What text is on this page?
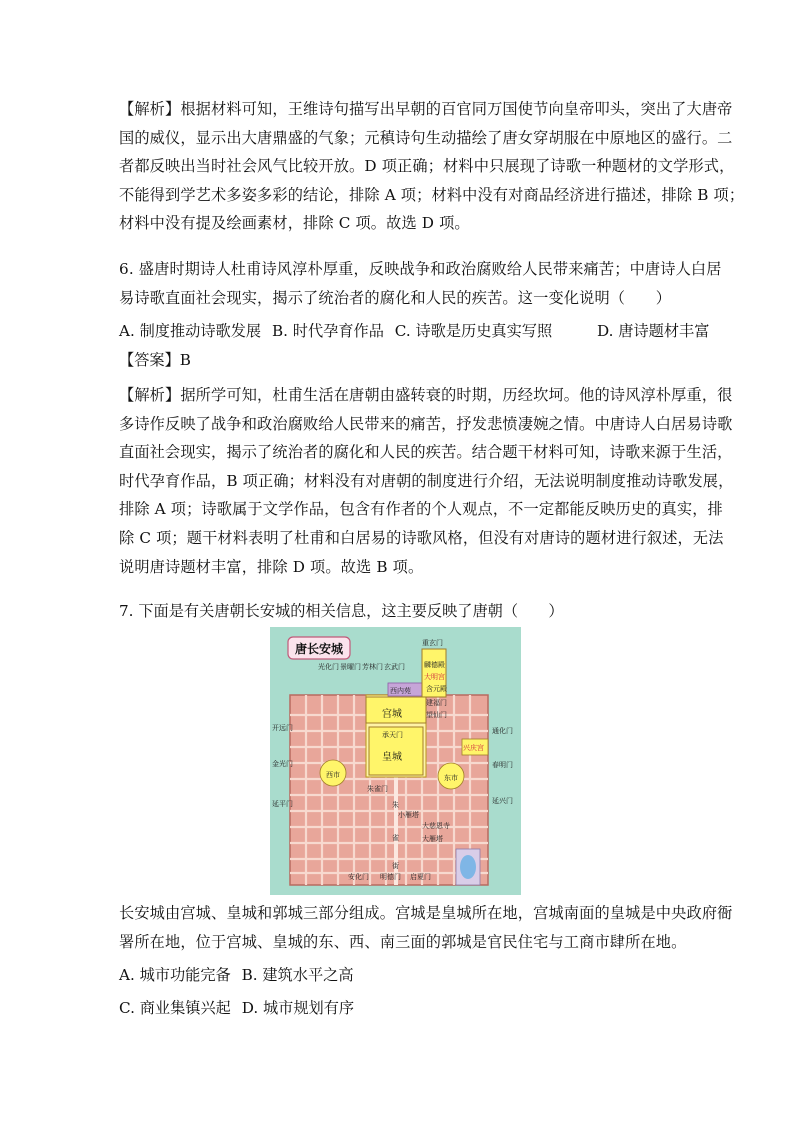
【解析】根据材料可知，王维诗句描写出早朝的百官同万国使节向皇帝叩头，突出了大唐帝
国的威仪，显示出大唐鼎盛的气象；元稹诗句生动描绘了唐女穿胡服在中原地区的盛行。二
者都反映出当时社会风气比较开放。D 项正确；材料中只展现了诗歌一种题材的文学形式，
不能得到学艺术多姿多彩的结论，排除 A 项；材料中没有对商品经济进行描述，排除 B 项；
材料中没有提及绘画素材，排除 C 项。故选 D 项。
6. 盛唐时期诗人杜甫诗风淳朴厚重，反映战争和政治腐败给人民带来痛苦；中唐诗人白居
易诗歌直面社会现实，揭示了统治者的腐化和人民的疾苦。这一变化说明（　　）
A. 制度推动诗歌发展 B. 时代孕育作品 C. 诗歌是历史真实写照	D. 唐诗题材丰富
【答案】B
【解析】据所学可知，杜甫生活在唐朝由盛转衰的时期，历经坎坷。他的诗风淳朴厚重，很
多诗作反映了战争和政治腐败给人民带来的痛苦，抒发悲愤凄婉之情。中唐诗人白居易诗歌
直面社会现实，揭示了统治者的腐化和人民的疾苦。结合题干材料可知，诗歌来源于生活，
时代孕育作品，B 项正确；材料没有对唐朝的制度进行介绍，无法说明制度推动诗歌发展，
排除 A 项；诗歌属于文学作品，包含有作者的个人观点，不一定都能反映历史的真实，排
除 C 项；题干材料表明了杜甫和白居易的诗歌风格，但没有对唐诗的题材进行叙述，无法
说明唐诗题材丰富，排除 D 项。故选 B 项。
7. 下面是有关唐朝长安城的相关信息，这主要反映了唐朝（　　）
唐长安城
宫城
皇城
承天门
西内苑
重玄门
麟德殿
大明宫
含元殿
建福门
望仙门
光化门 景曜门 芳林门 玄武门
开远门
金光门
延平门
通化门
春明门
延兴门
兴庆宫
西市	东市
朱雀门
朱
雀
街
小雁塔
大慈恩寺
大雁塔
安化门 明德门 启夏门
长安城由宫城、皇城和郭城三部分组成。宫城是皇城所在地，宫城南面的皇城是中央政府衙
署所在地，位于宫城、皇城的东、西、南三面的郭城是官民住宅与工商市肆所在地。
A. 城市功能完备 B. 建筑水平之高
C. 商业集镇兴起 D. 城市规划有序
